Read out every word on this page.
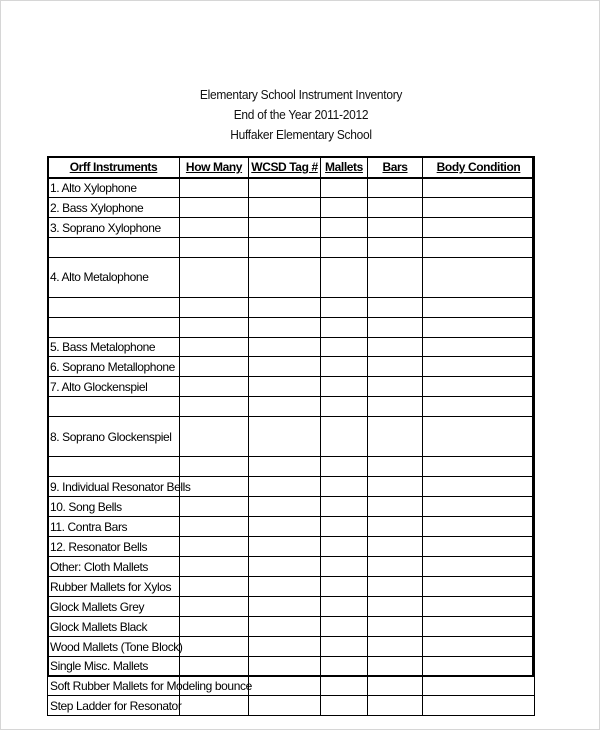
Elementary School Instrument Inventory
End of the Year 2011-2012
Huffaker Elementary School
Orff Instruments	How Many	WCSD Tag #	Mallets	Bars	Body Condition
1. Alto Xylophone					
2. Bass Xylophone					
3. Soprano Xylophone					

4. Alto Metalophone					

5. Bass Metalophone					
6. Soprano Metallophone					
7. Alto Glockenspiel					

8. Soprano Glockenspiel					

9. Individual Resonator Bells					
10. Song Bells					
11. Contra Bars					
12. Resonator Bells					
Other: Cloth Mallets					
Rubber Mallets for Xylos					
Glock Mallets Grey					
Glock Mallets Black					
Wood Mallets (Tone Block)					
Single Misc. Mallets					
Soft Rubber Mallets for Modeling bounce					
Step Ladder for Resonator					
